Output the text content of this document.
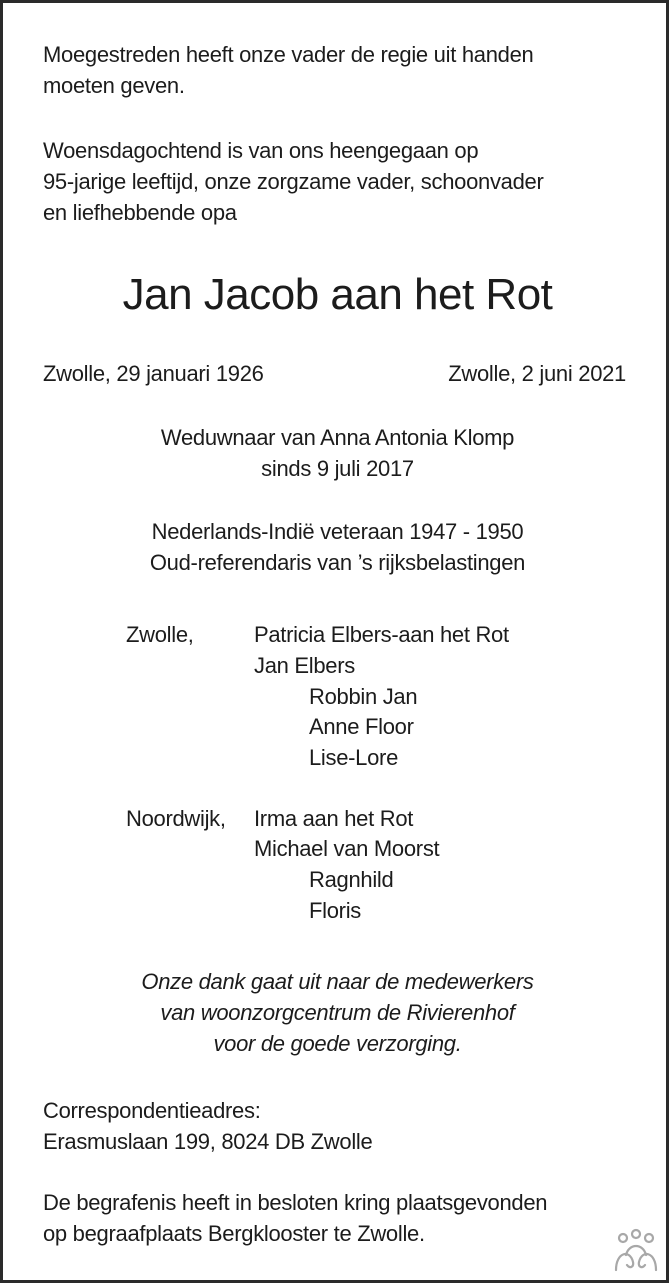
Moegestreden heeft onze vader de regie uit handen
moeten geven.
Woensdagochtend is van ons heengegaan op
95-jarige leeftijd, onze zorgzame vader, schoonvader
en liefhebbende opa
Jan Jacob aan het Rot
Zwolle, 29 januari 1926	Zwolle, 2 juni 2021
Weduwnaar van Anna Antonia Klomp
sinds 9 juli 2017
Nederlands-Indië veteraan 1947 - 1950
Oud-referendaris van ’s rijksbelastingen
Zwolle,	Patricia Elbers-aan het Rot
Jan Elbers
Robbin Jan
Anne Floor
Lise-Lore
Noordwijk, Irma aan het Rot
Michael van Moorst
Ragnhild
Floris
Onze dank gaat uit naar de medewerkers
van woonzorgcentrum de Rivierenhof
voor de goede verzorging.
Correspondentieadres:
Erasmuslaan 199, 8024 DB Zwolle
De begrafenis heeft in besloten kring plaatsgevonden
op begraafplaats Bergklooster te Zwolle.
